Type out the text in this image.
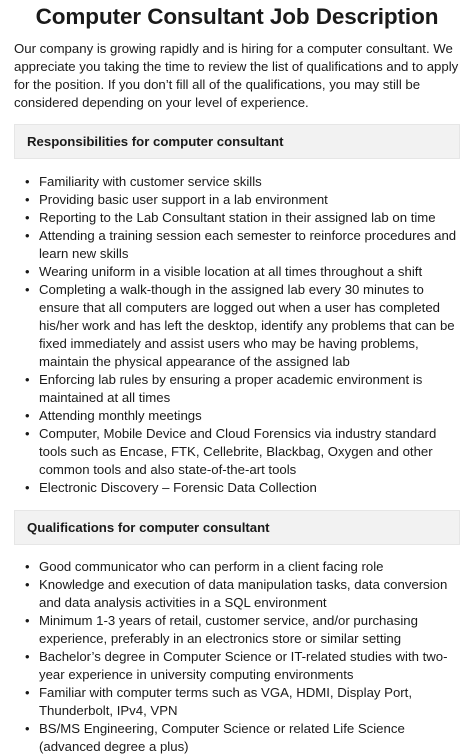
Computer Consultant Job Description

Our company is growing rapidly and is hiring for a computer consultant. We appreciate you taking the time to review the list of qualifications and to apply for the position. If you don’t fill all of the qualifications, you may still be considered depending on your level of experience.

Responsibilities for computer consultant
• Familiarity with customer service skills
• Providing basic user support in a lab environment
• Reporting to the Lab Consultant station in their assigned lab on time
• Attending a training session each semester to reinforce procedures and learn new skills
• Wearing uniform in a visible location at all times throughout a shift
• Completing a walk-though in the assigned lab every 30 minutes to ensure that all computers are logged out when a user has completed his/her work and has left the desktop, identify any problems that can be fixed immediately and assist users who may be having problems, maintain the physical appearance of the assigned lab
• Enforcing lab rules by ensuring a proper academic environment is maintained at all times
• Attending monthly meetings
• Computer, Mobile Device and Cloud Forensics via industry standard tools such as Encase, FTK, Cellebrite, Blackbag, Oxygen and other common tools and also state-of-the-art tools
• Electronic Discovery – Forensic Data Collection
Qualifications for computer consultant
• Good communicator who can perform in a client facing role
• Knowledge and execution of data manipulation tasks, data conversion and data analysis activities in a SQL environment
• Minimum 1-3 years of retail, customer service, and/or purchasing experience, preferably in an electronics store or similar setting
• Bachelor’s degree in Computer Science or IT-related studies with two-year experience in university computing environments
• Familiar with computer terms such as VGA, HDMI, Display Port, Thunderbolt, IPv4, VPN
• BS/MS Engineering, Computer Science or related Life Science (advanced degree a plus)
